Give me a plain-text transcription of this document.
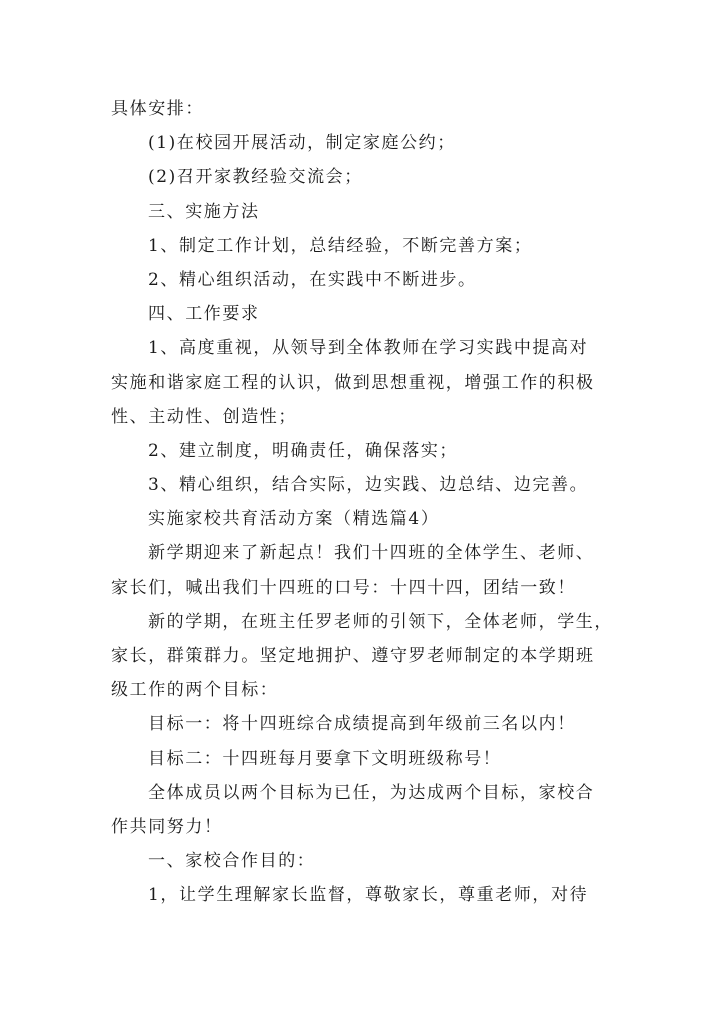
具体安排：

(1)在校园开展活动，制定家庭公约；

(2)召开家教经验交流会；

三、实施方法

1、制定工作计划，总结经验，不断完善方案；

2、精心组织活动，在实践中不断进步。

四、工作要求

1、高度重视，从领导到全体教师在学习实践中提高对

实施和谐家庭工程的认识，做到思想重视，增强工作的积极

性、主动性、创造性；

2、建立制度，明确责任，确保落实；

3、精心组织，结合实际，边实践、边总结、边完善。

实施家校共育活动方案（精选篇4）

新学期迎来了新起点！我们十四班的全体学生、老师、

家长们，喊出我们十四班的口号：十四十四，团结一致！

新的学期，在班主任罗老师的引领下，全体老师，学生，

家长，群策群力。坚定地拥护、遵守罗老师制定的本学期班

级工作的两个目标：

目标一：将十四班综合成绩提高到年级前三名以内！

目标二：十四班每月要拿下文明班级称号！

全体成员以两个目标为已任，为达成两个目标，家校合

作共同努力！

一、家校合作目的：

1，让学生理解家长监督，尊敬家长，尊重老师，对待
